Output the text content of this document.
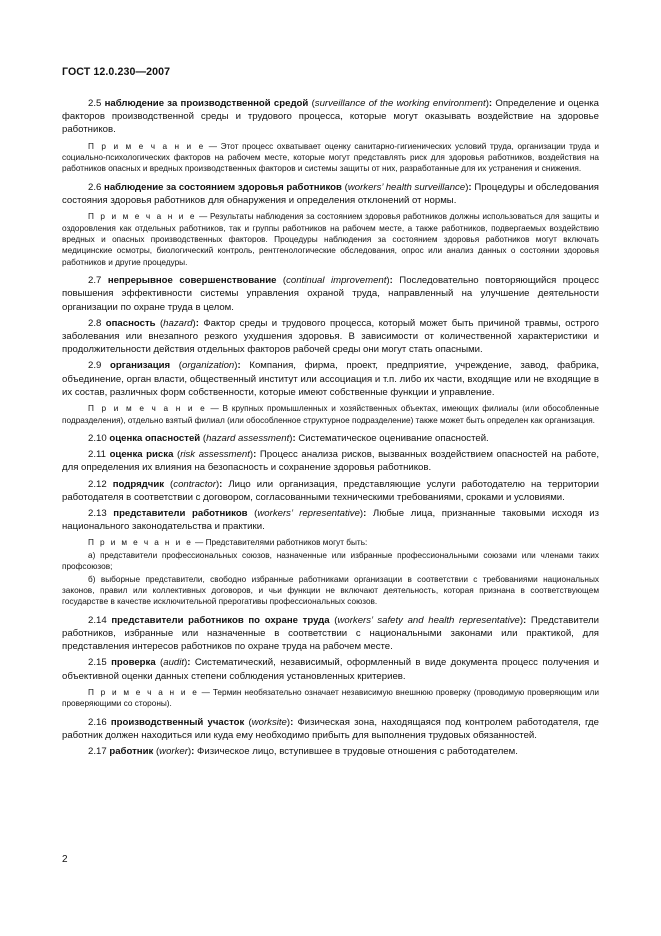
ГОСТ 12.0.230—2007

2.5 наблюдение за производственной средой (surveillance of the working environment): Определение и оценка факторов производственной среды и трудового процесса, которые могут оказывать воздействие на здоровье работников.

П р и м е ч а н и е — Этот процесс охватывает оценку санитарно-гигиенических условий труда, организации труда и социально-психологических факторов на рабочем месте, которые могут представлять риск для здоровья работников, воздействия на работников опасных и вредных производственных факторов и системы защиты от них, разработанные для их устранения и снижения.

2.6 наблюдение за состоянием здоровья работников (workers’ health surveillance): Процедуры и обследования состояния здоровья работников для обнаружения и определения отклонений от нормы.

П р и м е ч а н и е — Результаты наблюдения за состоянием здоровья работников должны использоваться для защиты и оздоровления как отдельных работников, так и группы работников на рабочем месте, а также работников, подвергаемых воздействию вредных и опасных производственных факторов. Процедуры наблюдения за состоянием здоровья работников могут включать медицинские осмотры, биологический контроль, рентгенологические обследования, опрос или анализ данных о состоянии здоровья работников и другие процедуры.

2.7 непрерывное совершенствование (continual improvement): Последовательно повторяющийся процесс повышения эффективности системы управления охраной труда, направленный на улучшение деятельности организации по охране труда в целом.

2.8 опасность (hazard): Фактор среды и трудового процесса, который может быть причиной травмы, острого заболевания или внезапного резкого ухудшения здоровья. В зависимости от количественной характеристики и продолжительности действия отдельных факторов рабочей среды они могут стать опасными.

2.9 организация (organization): Компания, фирма, проект, предприятие, учреждение, завод, фабрика, объединение, орган власти, общественный институт или ассоциация и т.п. либо их части, входящие или не входящие в их состав, различных форм собственности, которые имеют собственные функции и управление.

П р и м е ч а н и е — В крупных промышленных и хозяйственных объектах, имеющих филиалы (или обособленные подразделения), отдельно взятый филиал (или обособленное структурное подразделение) также может быть определен как организация.

2.10 оценка опасностей (hazard assessment): Систематическое оценивание опасностей.

2.11 оценка риска (risk assessment): Процесс анализа рисков, вызванных воздействием опасностей на работе, для определения их влияния на безопасность и сохранение здоровья работников.

2.12 подрядчик (contractor): Лицо или организация, представляющие услуги работодателю на территории работодателя в соответствии с договором, согласованными техническими требованиями, сроками и условиями.

2.13 представители работников (workers’ representative): Любые лица, признанные таковыми исходя из национального законодательства и практики.

П р и м е ч а н и е — Представителями работников могут быть:

а) представители профессиональных союзов, назначенные или избранные профессиональными союзами или членами таких профсоюзов;

б) выборные представители, свободно избранные работниками организации в соответствии с требованиями национальных законов, правил или коллективных договоров, и чьи функции не включают деятельность, которая признана в соответствующем государстве в качестве исключительной прерогативы профессиональных союзов.

2.14 представители работников по охране труда (workers’ safety and health representative): Представители работников, избранные или назначенные в соответствии с национальными законами или практикой, для представления интересов работников по охране труда на рабочем месте.

2.15 проверка (audit): Систематический, независимый, оформленный в виде документа процесс получения и объективной оценки данных степени соблюдения установленных критериев.

П р и м е ч а н и е — Термин необязательно означает независимую внешнюю проверку (проводимую проверяющим или проверяющими со стороны).

2.16 производственный участок (worksite): Физическая зона, находящаяся под контролем работодателя, где работник должен находиться или куда ему необходимо прибыть для выполнения трудовых обязанностей.

2.17 работник (worker): Физическое лицо, вступившее в трудовые отношения с работодателем.

2
